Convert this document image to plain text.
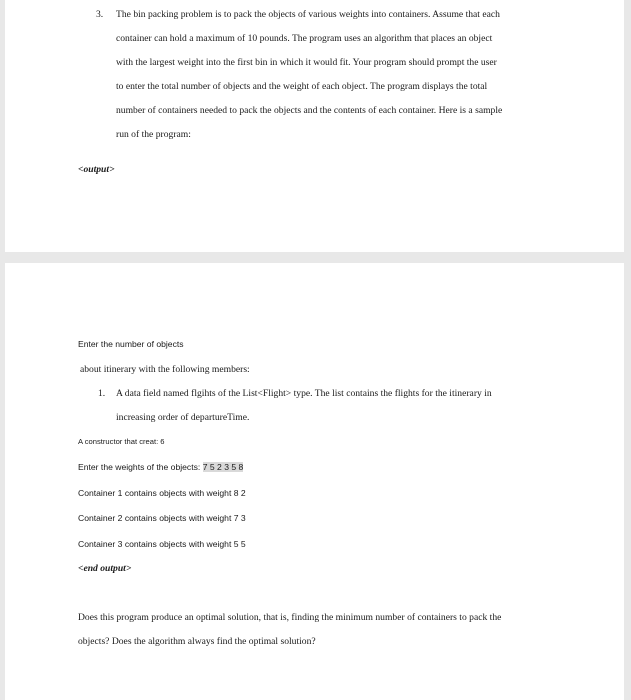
3. The bin packing problem is to pack the objects of various weights into containers. Assume that each
container can hold a maximum of 10 pounds. The program uses an algorithm that places an object
with the largest weight into the first bin in which it would fit. Your program should prompt the user
to enter the total number of objects and the weight of each object. The program displays the total
number of containers needed to pack the objects and the contents of each container. Here is a sample
run of the program:
<output>
Enter the number of objects
about itinerary with the following members:
1. A data field named flgihts of the List<Flight> type. The list contains the flights for the itinerary in
increasing order of departureTime.
A constructor that creat: 6
Enter the weights of the objects: 7 5 2 3 5 8
Container 1 contains objects with weight 8 2
Container 2 contains objects with weight 7 3
Container 3 contains objects with weight 5 5
<end output>
Does this program produce an optimal solution, that is, finding the minimum number of containers to pack the
objects? Does the algorithm always find the optimal solution?
